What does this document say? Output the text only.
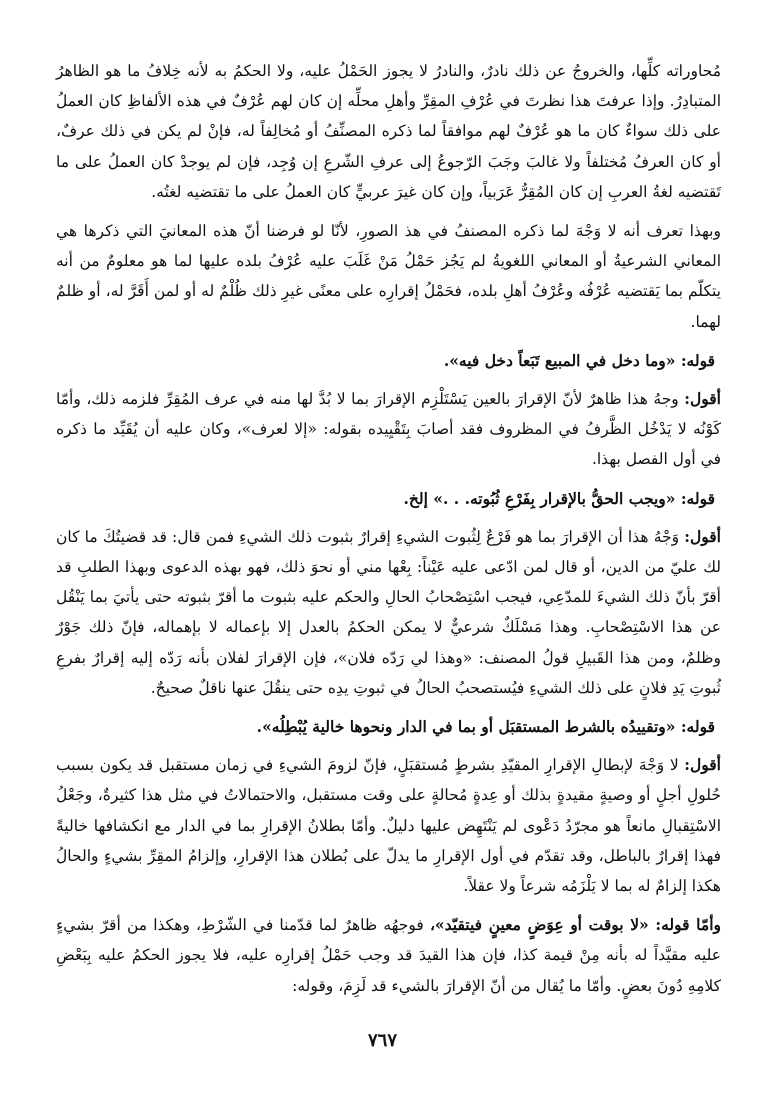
مُحاوراته كلِّها، والخروجُ عن ذلك نادرٌ، والنادرُ لا يجوز الحَمْلُ عليه، ولا الحكمُ به لأنه خِلافُ ما هو الظاهرُ المتبادِرُ. وإذا عرفتَ هذا نظرتَ في عُرْفِ المقِرِّ وأهلِ محلِّه إن كان لهم عُرْفٌ في هذه الألفاظِ كان العملُ على ذلك سواءٌ كان ما هو عُرْفٌ لهم موافقاً لما ذكره المصنِّفُ أو مُخالِفاً له، فإنْ لم يكن في ذلك عرفٌ، أو كان العرفُ مُختلفاً ولا غالبَ وجَبَ الرّجوعُ إلى عرفِ الشّرعِ إن وُجِد، فإن لم يوجدْ كان العملُ على ما تَقتضيه لغةُ العربِ إن كان المُقِرُّ عَرَبياً، وإن كان غيرَ عربيٍّ كان العملُ على ما تقتضيه لغتُه.

وبهذا تعرف أنه لا وَجْهَ لما ذكره المصنفُ في هذ الصورِ، لأنّا لو فرضنا أنّ هذه المعانيَ التي ذكرها هي المعاني الشرعيةُ أو المعاني اللغويةُ لم يَجُز حَمْلُ مَنْ غَلَبَ عليه عُرْفُ بلده عليها لما هو معلومٌ من أنه يتكلّم بما يَقتضيه عُرْفُه وعُرْفُ أهلِ بلده، فحَمْلُ إقرارِه على معنًى غيرِ ذلك ظُلْمٌ له أو لمن أَقَرَّ له، أو ظلمٌ لهما.

قوله: «وما دخل في المبيع تَبَعاً دخل فيه».

أقول: وجهُ هذا ظاهرٌ لأنّ الإقرارَ بالعين يَسْتَلْزِم الإقرارَ بما لا بُدَّ لها منه في عرف المُقِرِّ فلزمه ذلك، وأمّا كَوْنُه لا يَدْخُل الظَّرفُ في المظروف فقد أصابَ بِتَقْيِيده بقوله: «إلا لعرف»، وكان عليه أن يُقَيِّد ما ذكره في أول الفصل بهذا.

قوله: «ويجب الحقُّ بالإقرار بِفَرْعِ ثُبُوته. . .» إلخ.

أقول: وَجْهُ هذا أن الإقرارَ بما هو فَرْعٌ لِثُبوت الشيءِ إقرارٌ بثبوت ذلك الشيءِ فمن قال: قد قضيتُكَ ما كان لك عليّ من الدين، أو قال لمن ادّعى عليه عَيْناً: بِعْها مني أو نحوَ ذلك، فهو بهذه الدعوى وبهذا الطلبِ قد أقرّ بأنّ ذلك الشيءَ للمدّعِي، فيجب اسْتِصْحابُ الحالِ والحكم عليه بثبوت ما أقرّ بثبوته حتى يأتيَ بما يَنْقُل عن هذا الاسْتِصْحابِ. وهذا مَسْلَكٌ شرعيٌّ لا يمكن الحكمُ بالعدل إلا بإعماله لا بإهماله، فإنّ ذلك جَوْرٌ وظلمٌ، ومن هذا القَبيلِ قولُ المصنف: «وهذا لي رَدّه فلان»، فإن الإقرارَ لفلان بأنه رَدّه إليه إقرارٌ بفرعِ ثُبوتِ يَدِ فلانٍ على ذلك الشيءِ فيُستصحبُ الحالُ في ثبوتِ يدِه حتى ينقُلَ عنها ناقلٌ صحيحٌ.

قوله: «وتقييدُه بالشرط المستقبَل أو بما في الدار ونحوها خالية يُبْطِلُه».

أقول: لا وَجْهَ لإبطالِ الإقرارِ المقيّدِ بشرطٍ مُستقبَلٍ، فإنّ لزومَ الشيءِ في زمان مستقبل قد يكون بسبب حُلولِ أجلٍ أو وصيةٍ مقيدةٍ بذلك أو عِدةٍ مُحالةٍ على وقت مستقبل، والاحتمالاتُ في مثل هذا كثيرةٌ، وجَعْلُ الاسْتِقبالِ مانعاً هو مجرّدُ دَعْوى لم يَنْتَهِض عليها دليلٌ. وأمّا بطلانُ الإقرارِ بما في الدار مع انكشافها خاليةً فهذا إقرارٌ بالباطل، وقد تقدّم في أول الإقرارِ ما يدلّ على بُطلان هذا الإقرارِ، وإلزامُ المقِرِّ بشيءٍ والحالُ هكذا إلزامٌ له بما لا يَلْزَمُه شرعاً ولا عقلاً.

وأمّا قوله: «لا بوقت أو عِوَضٍ معينٍ فيتقيّد»، فوجهُه ظاهرٌ لما قدّمنا في الشّرْطِ، وهكذا من أقرّ بشيءٍ عليه مقيَّداً له بأنه مِنْ قيمة كذا، فإن هذا القيدَ قد وجب حَمْلُ إقرارِه عليه، فلا يجوز الحكمُ عليه بِبَعْضِ كلامِهِ دُونَ بعضٍ. وأمّا ما يُقال من أنّ الإقرارَ بالشيء قد لَزِمَ، وقوله:

٧٦٧
